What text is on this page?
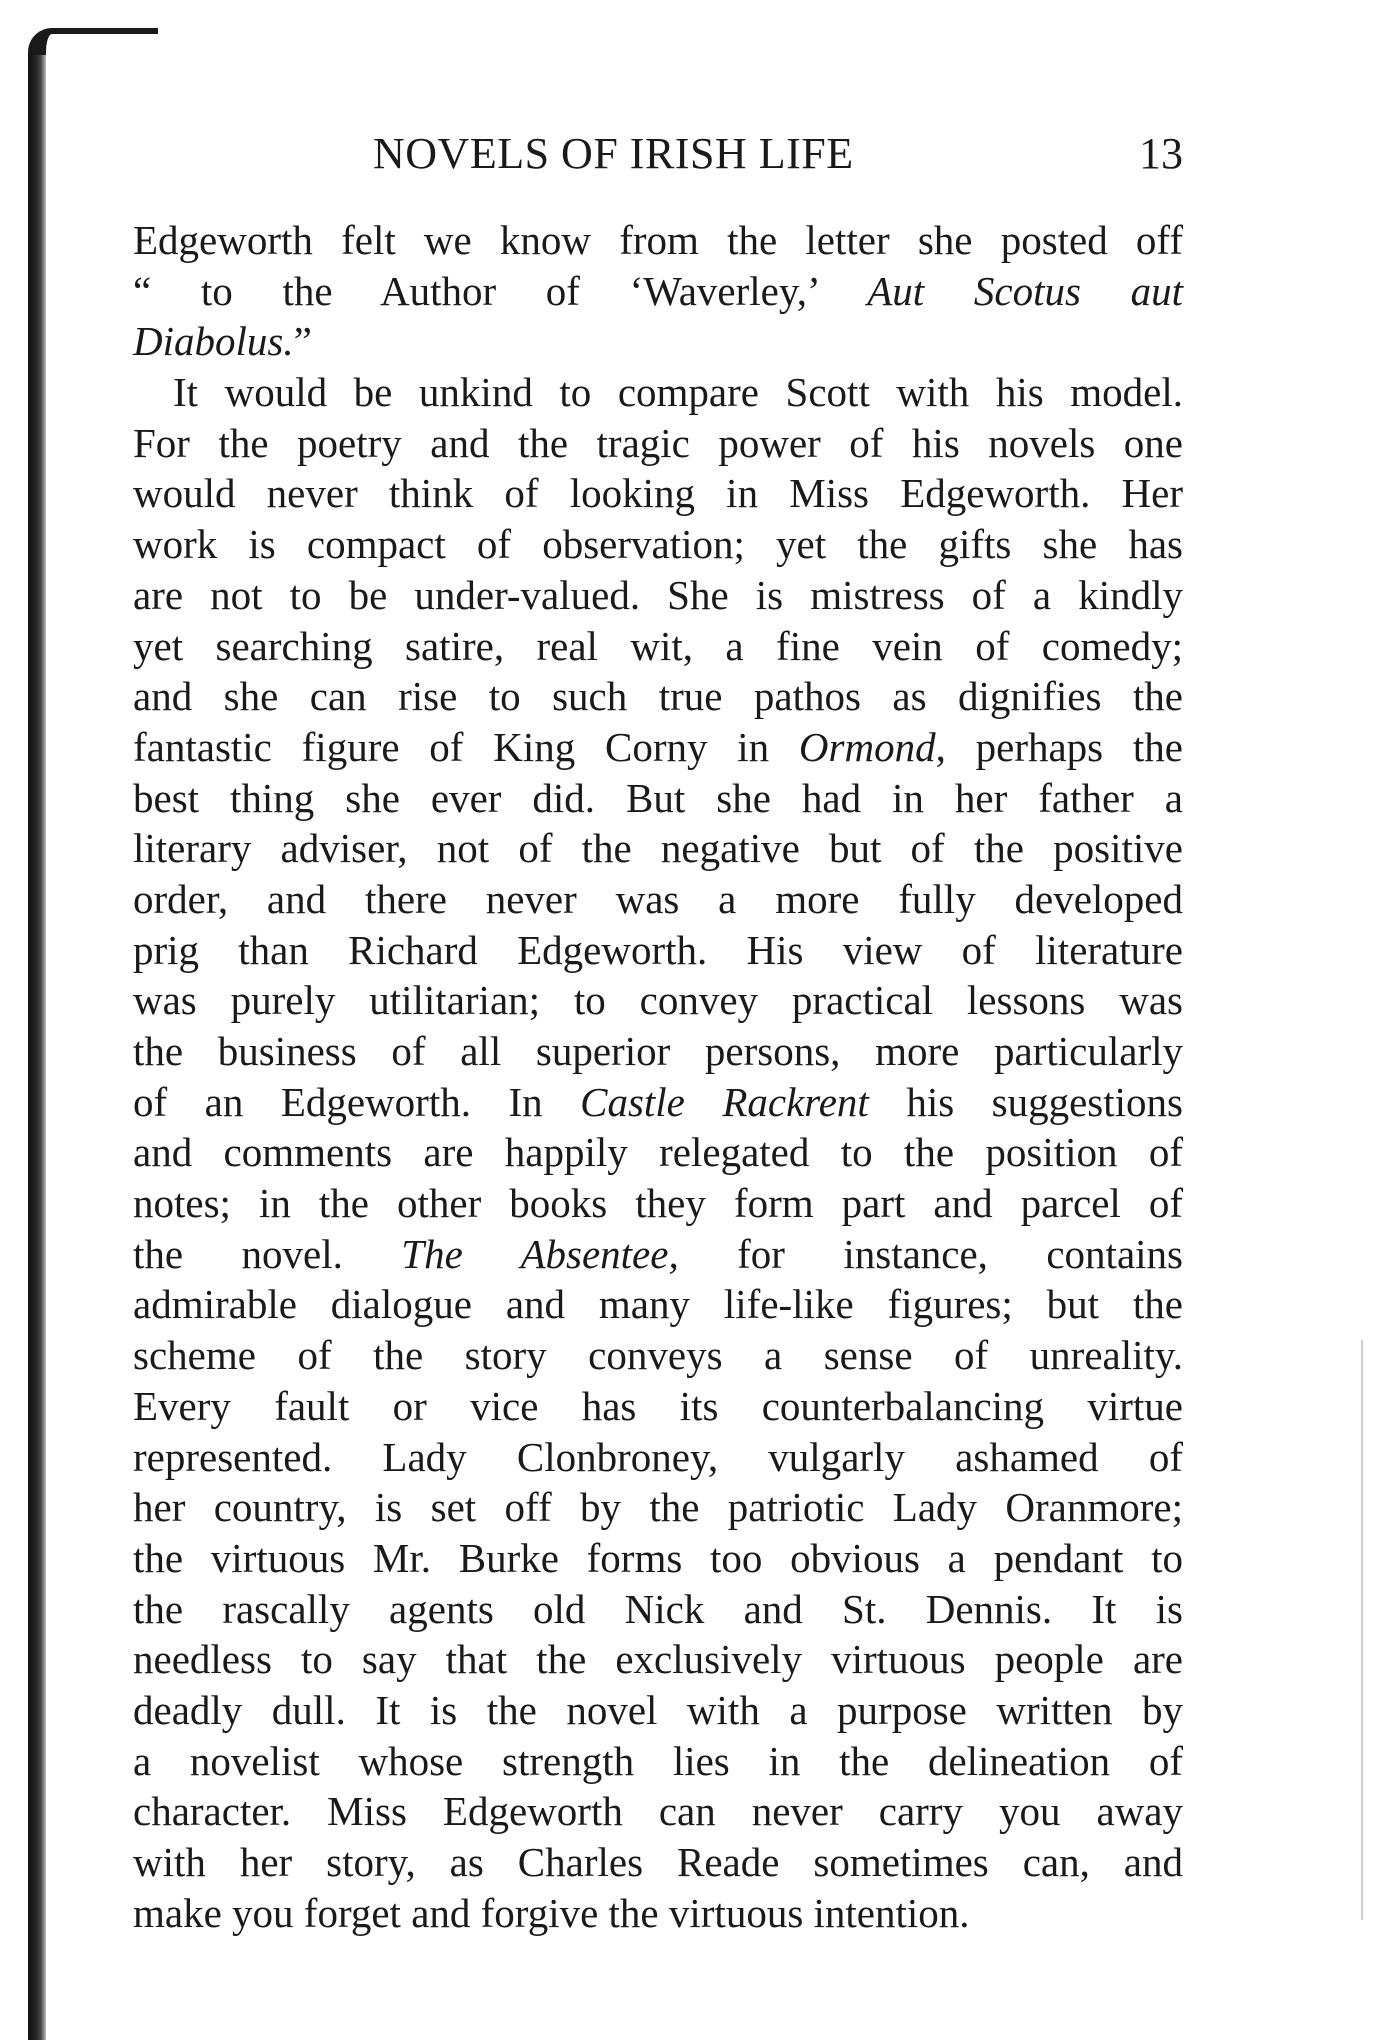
NOVELS OF IRISH LIFE	13
Edgeworth felt we know from the letter she posted off
“ to the Author of ‘Waverley,’ Aut Scotus aut
Diabolus.”
It would be unkind to compare Scott with his model.
For the poetry and the tragic power of his novels one
would never think of looking in Miss Edgeworth. Her
work is compact of observation; yet the gifts she has
are not to be under-valued. She is mistress of a kindly
yet searching satire, real wit, a fine vein of comedy;
and she can rise to such true pathos as dignifies the
fantastic figure of King Corny in Ormond, perhaps the
best thing she ever did. But she had in her father a
literary adviser, not of the negative but of the positive
order, and there never was a more fully developed
prig than Richard Edgeworth. His view of literature
was purely utilitarian; to convey practical lessons was
the business of all superior persons, more particularly
of an Edgeworth. In Castle Rackrent his suggestions
and comments are happily relegated to the position of
notes; in the other books they form part and parcel of
the novel. The Absentee, for instance, contains
admirable dialogue and many life-like figures; but the
scheme of the story conveys a sense of unreality.
Every fault or vice has its counterbalancing virtue
represented. Lady Clonbroney, vulgarly ashamed of
her country, is set off by the patriotic Lady Oranmore;
the virtuous Mr. Burke forms too obvious a pendant to
the rascally agents old Nick and St. Dennis. It is
needless to say that the exclusively virtuous people are
deadly dull. It is the novel with a purpose written by
a novelist whose strength lies in the delineation of
character. Miss Edgeworth can never carry you away
with her story, as Charles Reade sometimes can, and
make you forget and forgive the virtuous intention.
